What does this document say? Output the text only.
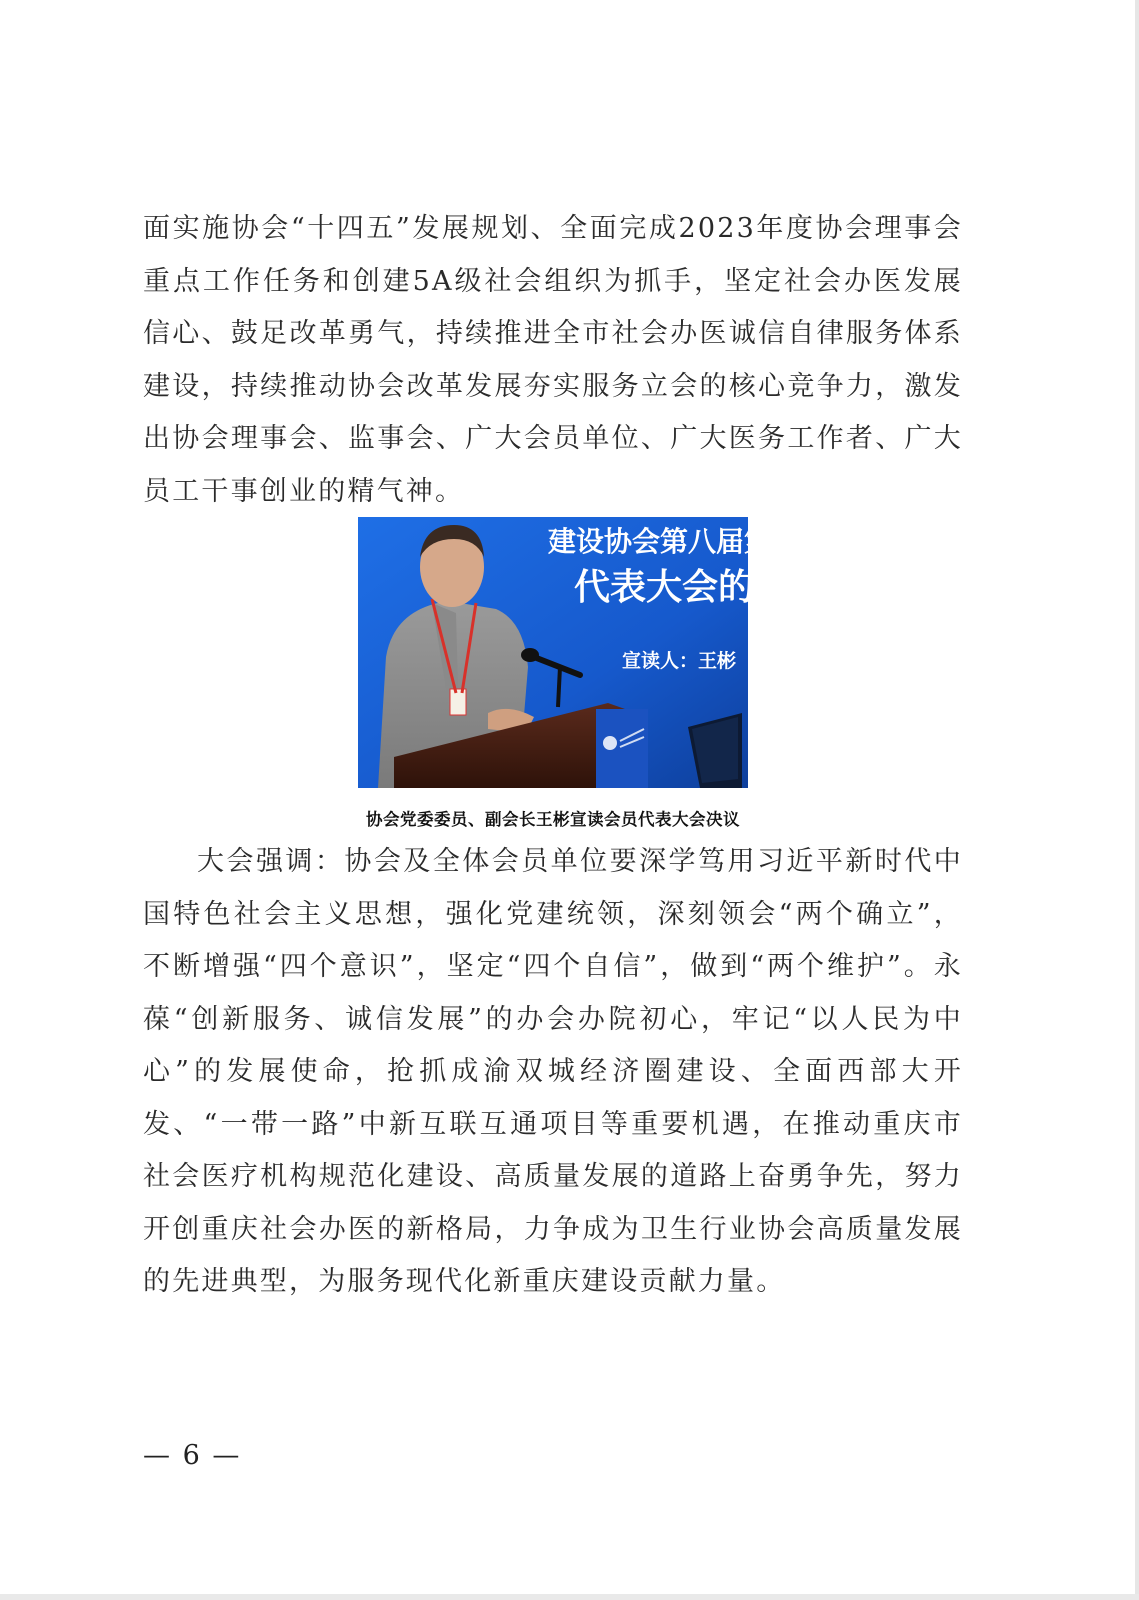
面实施协会“十四五”发展规划、全面完成2023年度协会理事会重点工作任务和创建5A级社会组织为抓手，坚定社会办医发展信心、鼓足改革勇气，持续推进全市社会办医诚信自律服务体系建设，持续推动协会改革发展夯实服务立会的核心竞争力，激发出协会理事会、监事会、广大会员单位、广大医务工作者、广大员工干事创业的精气神。

建设协会第八届第
代表大会的决议
宣读人：王彬
协会党委委员、副会长王彬宣读会员代表大会决议

大会强调：协会及全体会员单位要深学笃用习近平新时代中国特色社会主义思想，强化党建统领，深刻领会“两个确立”，不断增强“四个意识”，坚定“四个自信”，做到“两个维护”。永葆“创新服务、诚信发展”的办会办院初心，牢记“以人民为中心”的发展使命，抢抓成渝双城经济圈建设、全面西部大开发、“一带一路”中新互联互通项目等重要机遇，在推动重庆市社会医疗机构规范化建设、高质量发展的道路上奋勇争先，努力开创重庆社会办医的新格局，力争成为卫生行业协会高质量发展的先进典型，为服务现代化新重庆建设贡献力量。

— 6 —
